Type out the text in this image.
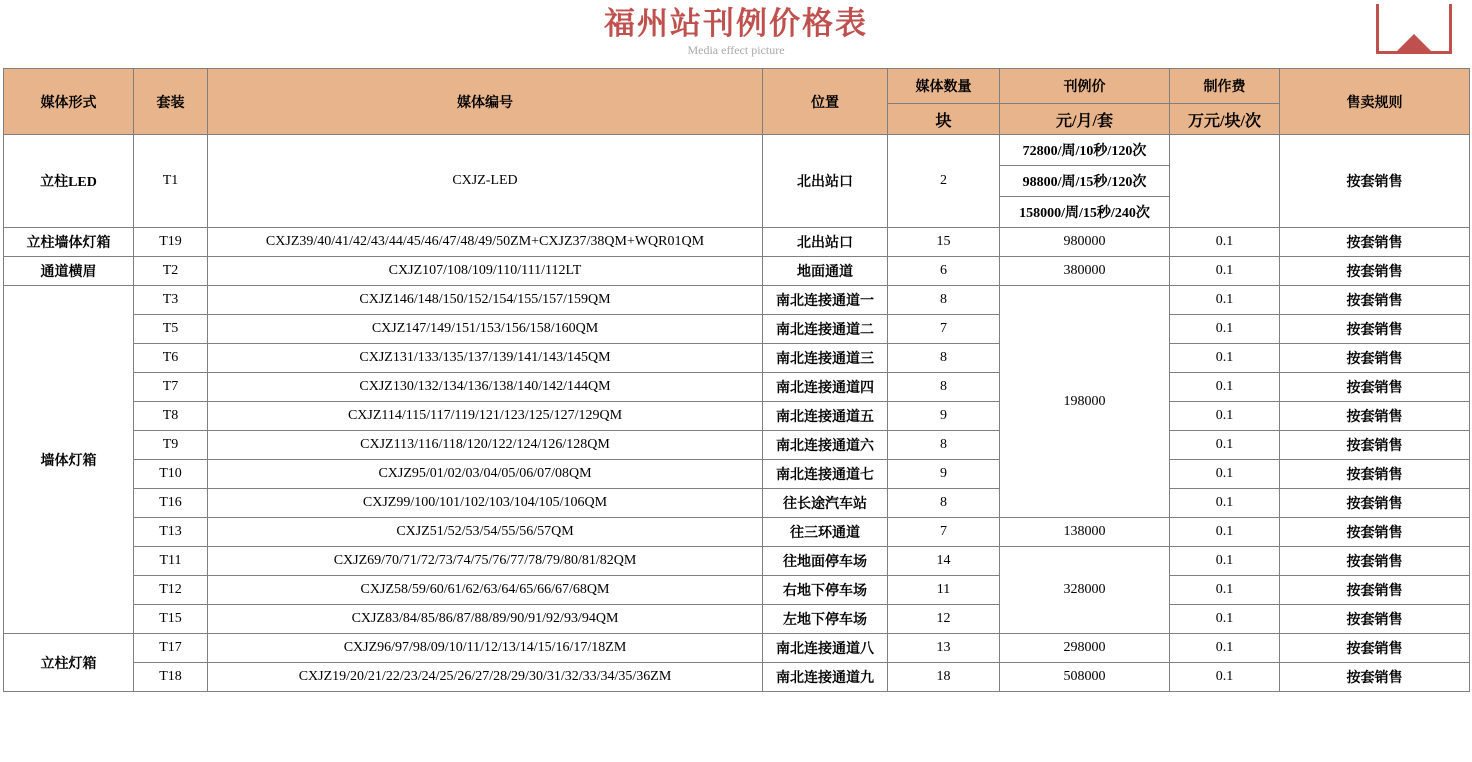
福州站刊例价格表
Media effect picture
媒体形式	套装	媒体编号	位置	媒体数量	刊例价	制作费	售卖规则
				块	元/月/套	万元/块/次	
立柱LED	T1	CXJZ-LED	北出站口	2	72800/周/10秒/120次		按套销售
					98800/周/15秒/120次		
					158000/周/15秒/240次		
立柱墙体灯箱	T19	CXJZ39/40/41/42/43/44/45/46/47/48/49/50ZM+CXJZ37/38QM+WQR01QM	北出站口	15	980000	0.1	按套销售
通道横眉	T2	CXJZ107/108/109/110/111/112LT	地面通道	6	380000	0.1	按套销售
墙体灯箱	T3	CXJZ146/148/150/152/154/155/157/159QM	南北连接通道一	8	198000	0.1	按套销售
	T5	CXJZ147/149/151/153/156/158/160QM	南北连接通道二	7		0.1	按套销售
	T6	CXJZ131/133/135/137/139/141/143/145QM	南北连接通道三	8		0.1	按套销售
	T7	CXJZ130/132/134/136/138/140/142/144QM	南北连接通道四	8		0.1	按套销售
	T8	CXJZ114/115/117/119/121/123/125/127/129QM	南北连接通道五	9		0.1	按套销售
	T9	CXJZ113/116/118/120/122/124/126/128QM	南北连接通道六	8		0.1	按套销售
	T10	CXJZ95/01/02/03/04/05/06/07/08QM	南北连接通道七	9		0.1	按套销售
	T16	CXJZ99/100/101/102/103/104/105/106QM	往长途汽车站	8		0.1	按套销售
	T13	CXJZ51/52/53/54/55/56/57QM	往三环通道	7	138000	0.1	按套销售
	T11	CXJZ69/70/71/72/73/74/75/76/77/78/79/80/81/82QM	往地面停车场	14	328000	0.1	按套销售
	T12	CXJZ58/59/60/61/62/63/64/65/66/67/68QM	右地下停车场	11		0.1	按套销售
	T15	CXJZ83/84/85/86/87/88/89/90/91/92/93/94QM	左地下停车场	12		0.1	按套销售
立柱灯箱	T17	CXJZ96/97/98/09/10/11/12/13/14/15/16/17/18ZM	南北连接通道八	13	298000	0.1	按套销售
	T18	CXJZ19/20/21/22/23/24/25/26/27/28/29/30/31/32/33/34/35/36ZM	南北连接通道九	18	508000	0.1	按套销售
